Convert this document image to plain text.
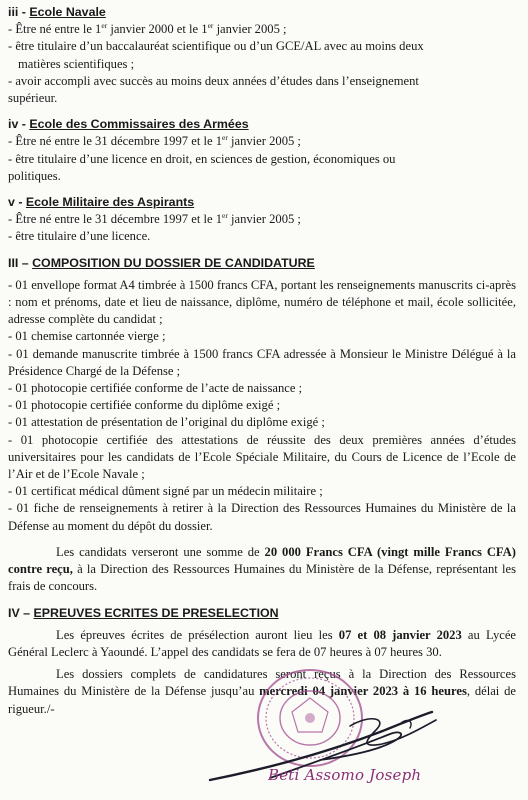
iii - Ecole Navale
- Être né entre le 1er janvier 2000 et le 1er janvier 2005 ;
- être titulaire d’un baccalauréat scientifique ou d’un GCE/AL avec au moins deux
matières scientifiques ;
- avoir accompli avec succès au moins deux années d’études dans l’enseignement
supérieur.
iv - Ecole des Commissaires des Armées
- Être né entre le 31 décembre 1997 et le 1er janvier 2005 ;
- être titulaire d’une licence en droit, en sciences de gestion, économiques ou
politiques.
v - Ecole Militaire des Aspirants
- Être né entre le 31 décembre 1997 et le 1er janvier 2005 ;
- être titulaire d’une licence.
III – COMPOSITION DU DOSSIER DE CANDIDATURE
- 01 envellope format A4 timbrée à 1500 francs CFA, portant les renseignements manuscrits ci-après : nom et prénoms, date et lieu de naissance, diplôme, numéro de téléphone et mail, école sollicitée, adresse complète du candidat ;
- 01 chemise cartonnée vierge ;
- 01 demande manuscrite timbrée à 1500 francs CFA adressée à Monsieur le Ministre Délégué à la Présidence Chargé de la Défense ;
- 01 photocopie certifiée conforme de l’acte de naissance ;
- 01 photocopie certifiée conforme du diplôme exigé ;
- 01 attestation de présentation de l’original du diplôme exigé ;
- 01 photocopie certifiée des attestations de réussite des deux premières années d’études universitaires pour les candidats de l’Ecole Spéciale Militaire, du Cours de Licence de l’Ecole de l’Air et de l’Ecole Navale ;
- 01 certificat médical dûment signé par un médecin militaire ;
- 01 fiche de renseignements à retirer à la Direction des Ressources Humaines du Ministère de la Défense au moment du dépôt du dossier.
Les candidats verseront une somme de 20 000 Francs CFA (vingt mille Francs CFA) contre reçu, à la Direction des Ressources Humaines du Ministère de la Défense, représentant les frais de concours.
IV – EPREUVES ECRITES DE PRESELECTION
Les épreuves écrites de présélection auront lieu les 07 et 08 janvier 2023 au Lycée Général Leclerc à Yaoundé. L’appel des candidats se fera de 07 heures à 07 heures 30.
Les dossiers complets de candidatures seront reçus à la Direction des Ressources Humaines du Ministère de la Défense jusqu’au mercredi 04 janvier 2023 à 16 heures, délai de rigueur./-
Beti Assomo Joseph
